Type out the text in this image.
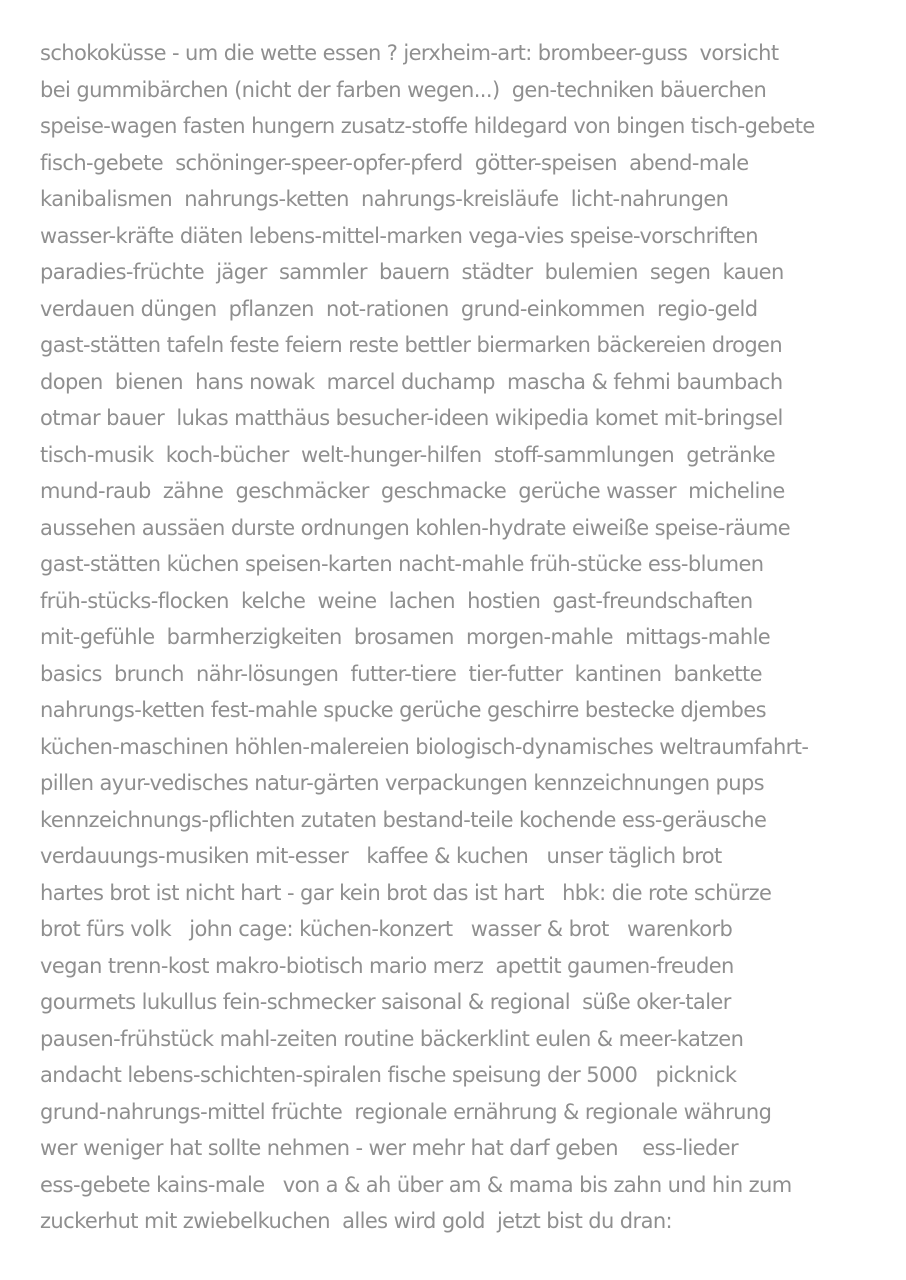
schokoküsse - um die wette essen ? jerxheim-art: brombeer-guss  vorsicht
bei gummibärchen (nicht der farben wegen...)  gen-techniken bäuerchen
speise-wagen fasten hungern zusatz-stoffe hildegard von bingen tisch-gebete
fisch-gebete  schöninger-speer-opfer-pferd  götter-speisen  abend-male
kanibalismen  nahrungs-ketten  nahrungs-kreisläufe  licht-nahrungen
wasser-kräfte diäten lebens-mittel-marken vega-vies speise-vorschriften
paradies-früchte  jäger  sammler  bauern  städter  bulemien  segen  kauen
verdauen düngen  pflanzen  not-rationen  grund-einkommen  regio-geld
gast-stätten tafeln feste feiern reste bettler biermarken bäckereien drogen
dopen  bienen  hans nowak  marcel duchamp  mascha & fehmi baumbach
otmar bauer  lukas matthäus besucher-ideen wikipedia komet mit-bringsel
tisch-musik  koch-bücher  welt-hunger-hilfen  stoff-sammlungen  getränke
mund-raub  zähne  geschmäcker  geschmacke  gerüche wasser  micheline
aussehen aussäen durste ordnungen kohlen-hydrate eiweiße speise-räume
gast-stätten küchen speisen-karten nacht-mahle früh-stücke ess-blumen
früh-stücks-flocken  kelche  weine  lachen  hostien  gast-freundschaften
mit-gefühle  barmherzigkeiten  brosamen  morgen-mahle  mittags-mahle
basics  brunch  nähr-lösungen  futter-tiere  tier-futter  kantinen  bankette
nahrungs-ketten fest-mahle spucke gerüche geschirre bestecke djembes
küchen-maschinen höhlen-malereien biologisch-dynamisches weltraumfahrt-
pillen ayur-vedisches natur-gärten verpackungen kennzeichnungen pups
kennzeichnungs-pflichten zutaten bestand-teile kochende ess-geräusche
verdauungs-musiken mit-esser   kaffee & kuchen   unser täglich brot
hartes brot ist nicht hart - gar kein brot das ist hart   hbk: die rote schürze
brot fürs volk   john cage: küchen-konzert   wasser & brot   warenkorb
vegan trenn-kost makro-biotisch mario merz  apettit gaumen-freuden
gourmets lukullus fein-schmecker saisonal & regional  süße oker-taler
pausen-frühstück mahl-zeiten routine bäckerklint eulen & meer-katzen
andacht lebens-schichten-spiralen fische speisung der 5000   picknick
grund-nahrungs-mittel früchte  regionale ernährung & regionale währung
wer weniger hat sollte nehmen - wer mehr hat darf geben    ess-lieder
ess-gebete kains-male   von a & ah über am & mama bis zahn und hin zum
zuckerhut mit zwiebelkuchen  alles wird gold  jetzt bist du dran:
